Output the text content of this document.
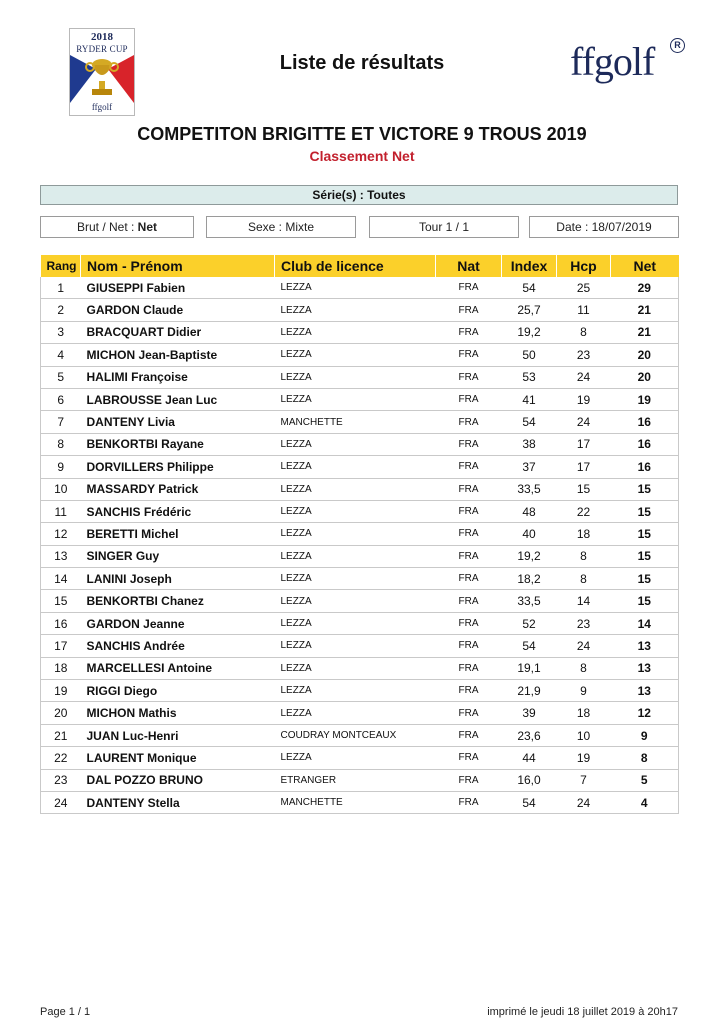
2018
RYDER CUP
ffgolf
Liste de résultats	ffgolf	R
COMPETITON BRIGITTE ET VICTORE 9 TROUS 2019
Classement Net
Série(s) : Toutes
Brut / Net : Net	Sexe : Mixte	Tour 1 / 1	Date : 18/07/2019
Rang	Nom - Prénom	Club de licence	Nat	Index	Hcp	Net
1	GIUSEPPI Fabien	LEZZA	FRA	54	25	29
2	GARDON Claude	LEZZA	FRA	25,7	11	21
3	BRACQUART Didier	LEZZA	FRA	19,2	8	21
4	MICHON Jean-Baptiste	LEZZA	FRA	50	23	20
5	HALIMI Françoise	LEZZA	FRA	53	24	20
6	LABROUSSE Jean Luc	LEZZA	FRA	41	19	19
7	DANTENY Livia	MANCHETTE	FRA	54	24	16
8	BENKORTBI Rayane	LEZZA	FRA	38	17	16
9	DORVILLERS Philippe	LEZZA	FRA	37	17	16
10	MASSARDY Patrick	LEZZA	FRA	33,5	15	15
11	SANCHIS Frédéric	LEZZA	FRA	48	22	15
12	BERETTI Michel	LEZZA	FRA	40	18	15
13	SINGER Guy	LEZZA	FRA	19,2	8	15
14	LANINI Joseph	LEZZA	FRA	18,2	8	15
15	BENKORTBI Chanez	LEZZA	FRA	33,5	14	15
16	GARDON Jeanne	LEZZA	FRA	52	23	14
17	SANCHIS Andrée	LEZZA	FRA	54	24	13
18	MARCELLESI Antoine	LEZZA	FRA	19,1	8	13
19	RIGGI Diego	LEZZA	FRA	21,9	9	13
20	MICHON Mathis	LEZZA	FRA	39	18	12
21	JUAN Luc-Henri	COUDRAY MONTCEAUX	FRA	23,6	10	9
22	LAURENT Monique	LEZZA	FRA	44	19	8
23	DAL POZZO BRUNO	ETRANGER	FRA	16,0	7	5
24	DANTENY Stella	MANCHETTE	FRA	54	24	4
Page 1 / 1	imprimé le jeudi 18 juillet 2019 à 20h17
